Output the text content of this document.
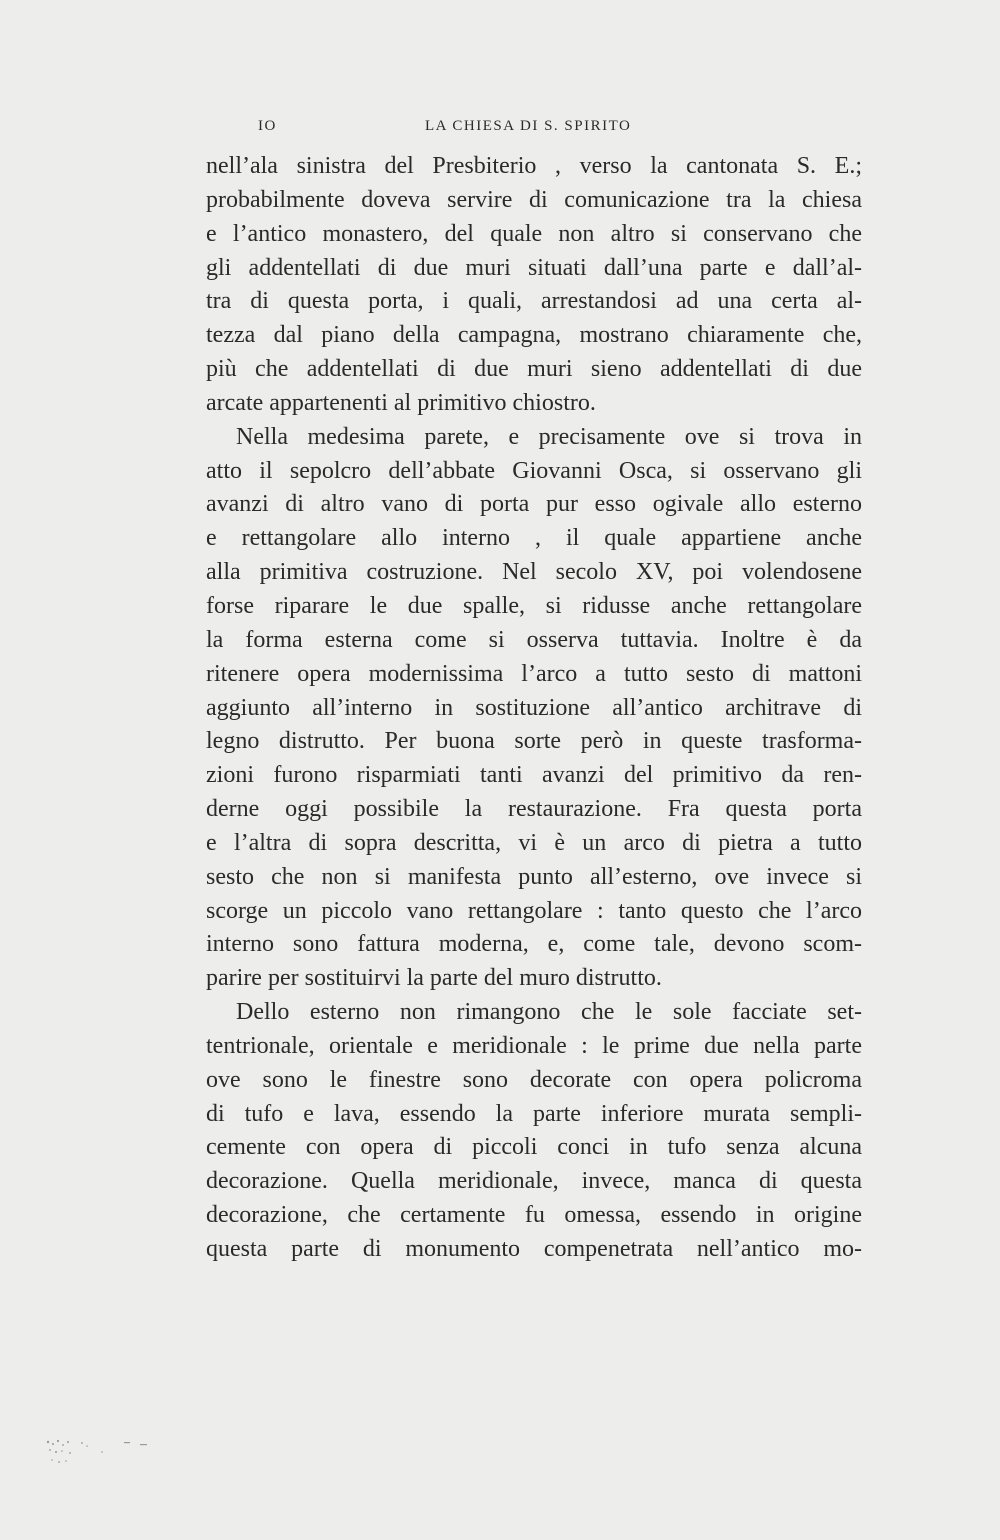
IO	LA CHIESA DI S. SPIRITO
nell’ala sinistra del Presbiterio , verso la cantonata S. E.;
probabilmente doveva servire di comunicazione tra la chiesa
e l’antico monastero, del quale non altro si conservano che
gli addentellati di due muri situati dall’una parte e dall’al-
tra di questa porta, i quali, arrestandosi ad una certa al-
tezza dal piano della campagna, mostrano chiaramente che,
più che addentellati di due muri sieno addentellati di due
arcate appartenenti al primitivo chiostro.
Nella medesima parete, e precisamente ove si trova in
atto il sepolcro dell’abbate Giovanni Osca, si osservano gli
avanzi di altro vano di porta pur esso ogivale allo esterno
e rettangolare allo interno , il quale appartiene anche
alla primitiva costruzione. Nel secolo XV, poi volendosene
forse riparare le due spalle, si ridusse anche rettangolare
la forma esterna come si osserva tuttavia. Inoltre è da
ritenere opera modernissima l’arco a tutto sesto di mattoni
aggiunto all’interno in sostituzione all’antico architrave di
legno distrutto. Per buona sorte però in queste trasforma-
zioni furono risparmiati tanti avanzi del primitivo da ren-
derne oggi possibile la restaurazione. Fra questa porta
e l’altra di sopra descritta, vi è un arco di pietra a tutto
sesto che non si manifesta punto all’esterno, ove invece si
scorge un piccolo vano rettangolare : tanto questo che l’arco
interno sono fattura moderna, e, come tale, devono scom-
parire per sostituirvi la parte del muro distrutto.
Dello esterno non rimangono che le sole facciate set-
tentrionale, orientale e meridionale : le prime due nella parte
ove sono le finestre sono decorate con opera policroma
di tufo e lava, essendo la parte inferiore murata sempli-
cemente con opera di piccoli conci in tufo senza alcuna
decorazione. Quella meridionale, invece, manca di questa
decorazione, che certamente fu omessa, essendo in origine
questa parte di monumento compenetrata nell’antico mo-
